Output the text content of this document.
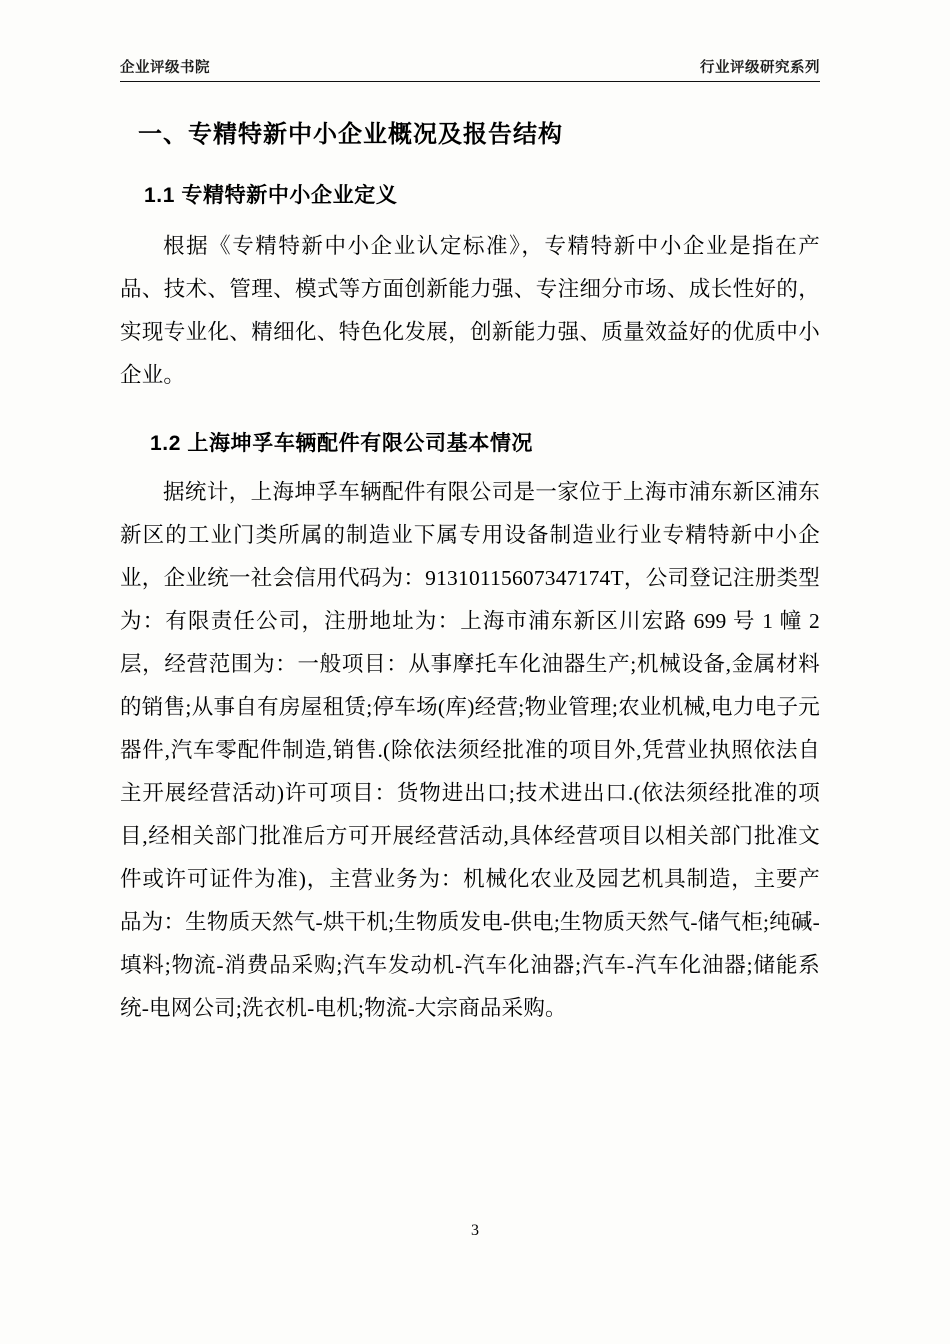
企业评级书院	行业评级研究系列
一、专精特新中小企业概况及报告结构
1.1 专精特新中小企业定义

根据《专精特新中小企业认定标准》，专精特新中小企业是指在产品、技术、管理、模式等方面创新能力强、专注细分市场、成长性好的，实现专业化、精细化、特色化发展，创新能力强、质量效益好的优质中小企业。

1.2 上海坤孚车辆配件有限公司基本情况

据统计，上海坤孚车辆配件有限公司是一家位于上海市浦东新区浦东新区的工业门类所属的制造业下属专用设备制造业行业专精特新中小企业，企业统一社会信用代码为：91310115607347174T，公司登记注册类型为：有限责任公司，注册地址为：上海市浦东新区川宏路 699 号 1 幢 2 层，经营范围为：一般项目：从事摩托车化油器生产;机械设备,金属材料的销售;从事自有房屋租赁;停车场(库)经营;物业管理;农业机械,电力电子元器件,汽车零配件制造,销售.(除依法须经批准的项目外,凭营业执照依法自主开展经营活动)许可项目：货物进出口;技术进出口.(依法须经批准的项目,经相关部门批准后方可开展经营活动,具体经营项目以相关部门批准文件或许可证件为准)，主营业务为：机械化农业及园艺机具制造，主要产品为：生物质天然气-烘干机;生物质发电-供电;生物质天然气-储气柜;纯碱-填料;物流-消费品采购;汽车发动机-汽车化油器;汽车-汽车化油器;储能系统-电网公司;洗衣机-电机;物流-大宗商品采购。

3
